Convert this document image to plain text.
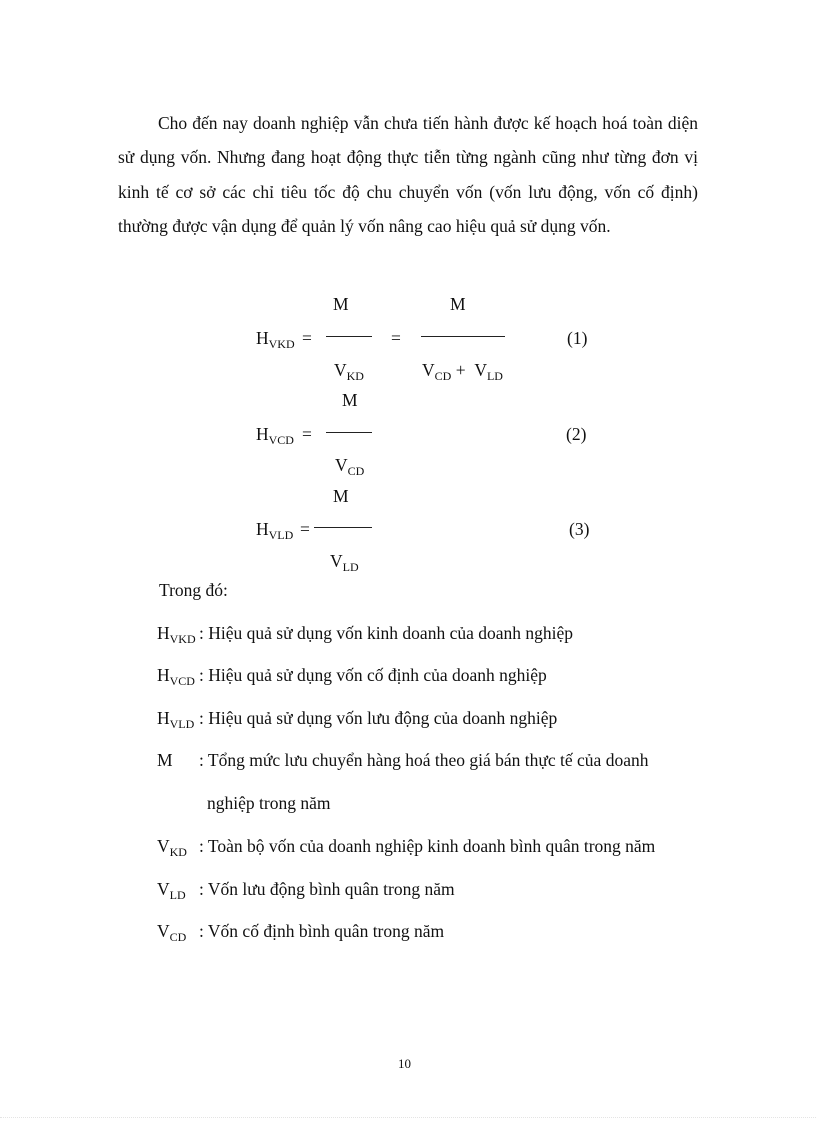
Cho đến nay doanh nghiệp vẫn chưa tiến hành được kế hoạch hoá toàn diện sử dụng vốn. Nhưng đang hoạt động thực tiễn từng ngành cũng như từng đơn vị kinh tế cơ sở các chỉ tiêu tốc độ chu chuyển vốn (vốn lưu động, vốn cố định) thường được vận dụng để quản lý vốn nâng cao hiệu quả sử dụng vốn.

$H_{VKD}$ =
M
$V_{KD}$
=
M
$V_{CD} + V_{LD}$
(1)
$H_{VCD}$ =
M
$V_{CD}$
(2)
$H_{VLD}$ =
M
$V_{LD}$
(3)
Trong đó:
$H_{VKD}$ : Hiệu quả sử dụng vốn kinh doanh của doanh nghiệp
$H_{VCD}$ : Hiệu quả sử dụng vốn cố định của doanh nghiệp
$H_{VLD}$ : Hiệu quả sử dụng vốn lưu động của doanh nghiệp
M : Tổng mức lưu chuyển hàng hoá theo giá bán thực tế của doanh
nghiệp trong năm
$V_{KD}$ : Toàn bộ vốn của doanh nghiệp kinh doanh bình quân trong năm
$V_{LD}$ : Vốn lưu động bình quân trong năm
$V_{CD}$ : Vốn cố định bình quân trong năm
10
